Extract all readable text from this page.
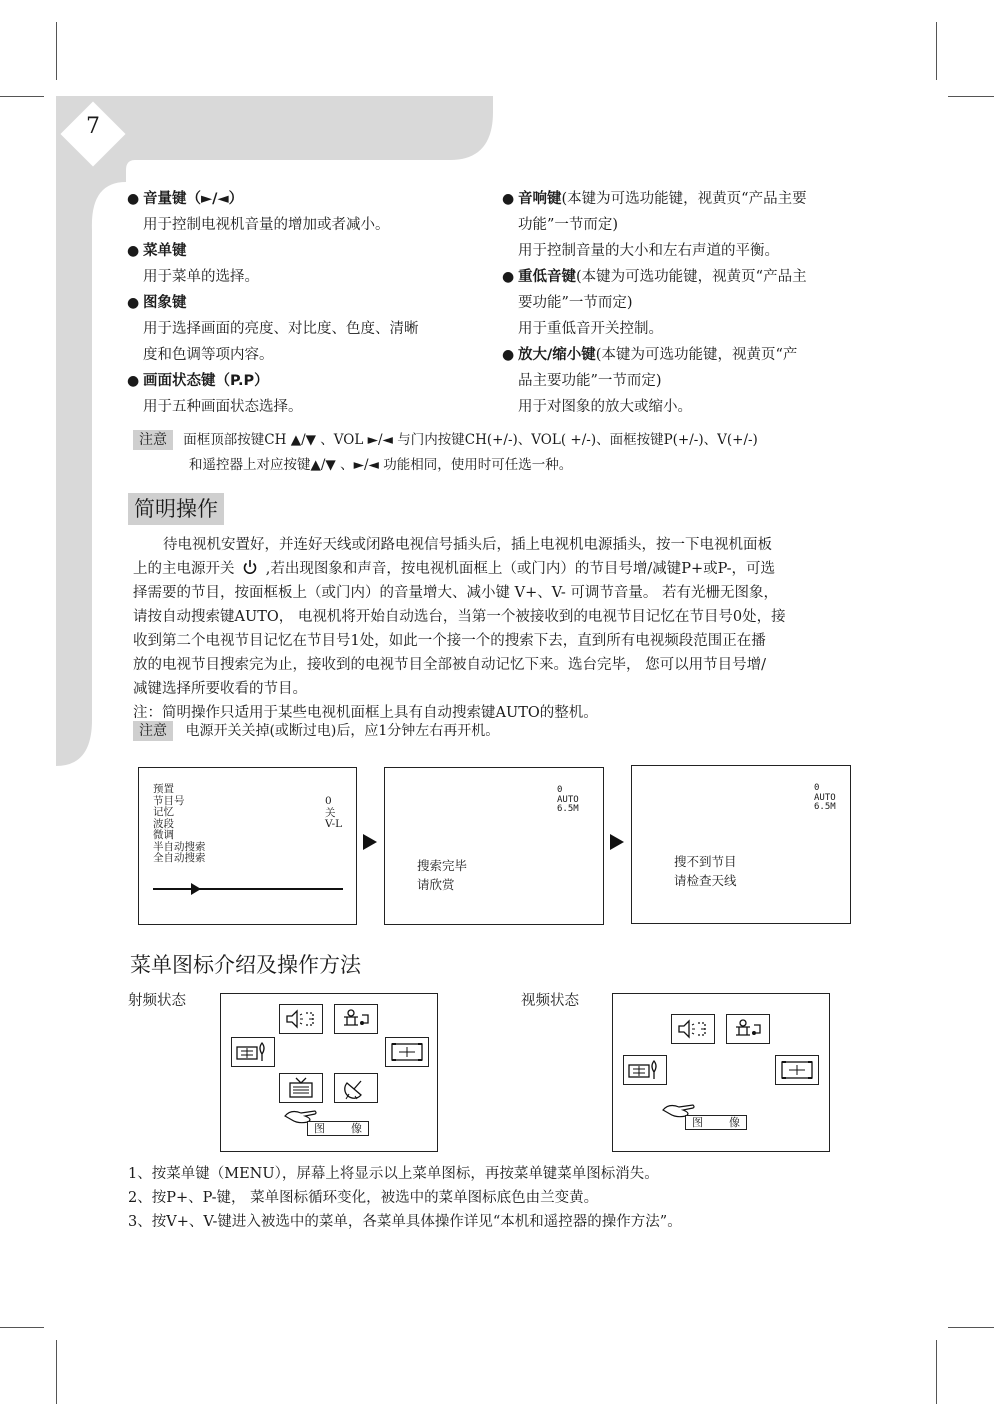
7
● 音量键（►/◄）
用于控制电视机音量的增加或者减小。
● 菜单键
用于菜单的选择。
● 图象键
用于选择画面的亮度、对比度、色度、清晰
度和色调等项内容。
● 画面状态键（P.P）
用于五种画面状态选择。
● 音响键(本键为可选功能键，视黄页“产品主要
功能”一节而定)
用于控制音量的大小和左右声道的平衡。
● 重低音键(本键为可选功能键，视黄页“产品主
要功能”一节而定)
用于重低音开关控制。
● 放大/缩小键(本键为可选功能键，视黄页“产
品主要功能”一节而定)
用于对图象的放大或缩小。
注意 面框顶部按键CH ▲/▼ 、VOL ►/◄ 与门内按键CH(+/-)、VOL( +/-)、面框按键P(+/-)、V(+/-)
和遥控器上对应按键▲/▼ 、►/◄ 功能相同，使用时可任选一种。
简明操作
待电视机安置好，并连好天线或闭路电视信号插头后，插上电视机电源插头，按一下电视机面板
上的主电源开关  ,若出现图象和声音，按电视机面框上（或门内）的节目号增/减键P+或P-，可选
择需要的节目，按面框板上（或门内）的音量增大、减小键 V+、V- 可调节音量。 若有光栅无图象，
请按自动搜索键AUTO， 电视机将开始自动选台，当第一个被接收到的电视节目记忆在节目号0处，接
收到第二个电视节目记忆在节目号1处，如此一个接一个的搜索下去，直到所有电视频段范围正在播
放的电视节目搜索完为止，接收到的电视节目全部被自动记忆下来。选台完毕， 您可以用节目号增/
减键选择所要收看的节目。
注：简明操作只适用于某些电视机面框上具有自动搜索键AUTO的整机。
注意 电源开关关掉(或断过电)后，应1分钟左右再开机。
预置
节目号
记忆
波段
微调
半自动搜索
全自动搜索
0
关
V-L
0
AUTO
6.5M
搜索完毕
请欣赏
0
AUTO
6.5M
搜不到节目
请检查天线
菜单图标介绍及操作方法
射频状态	视频状态
图 像	图 像
1、按菜单键（MENU），屏幕上将显示以上菜单图标，再按菜单键菜单图标消失。
2、按P+、P-键， 菜单图标循环变化，被选中的菜单图标底色由兰变黄。
3、按V+、V-键进入被选中的菜单，各菜单具体操作详见“本机和遥控器的操作方法”。
